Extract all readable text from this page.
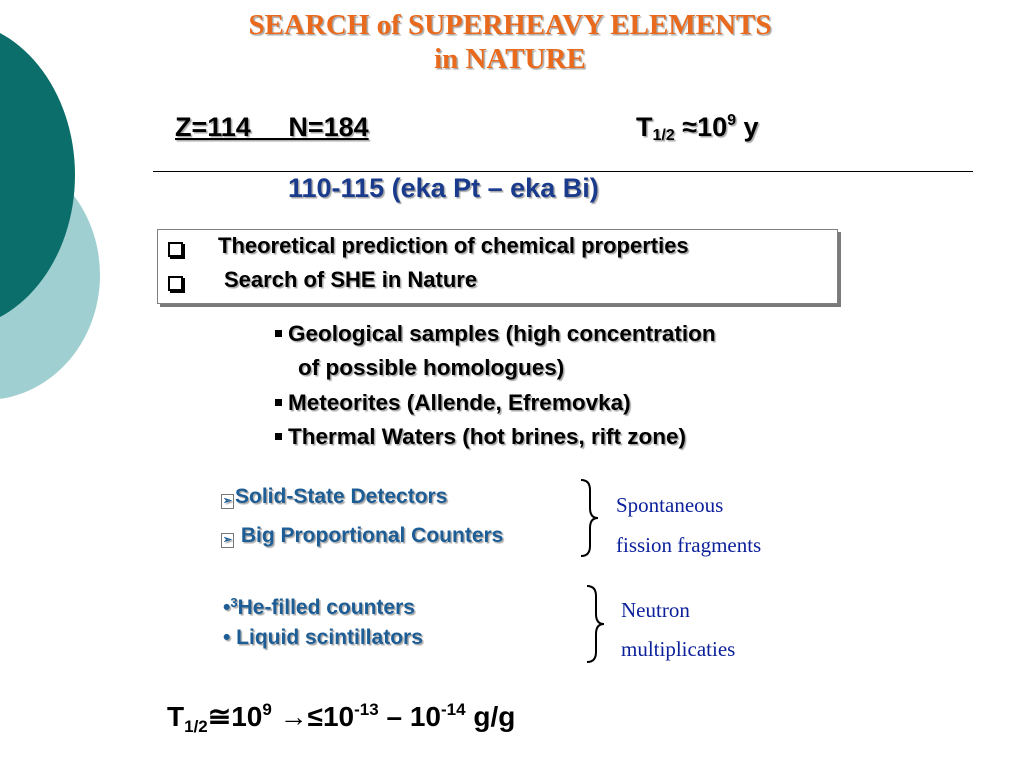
SEARCH of SUPERHEAVY ELEMENTS
in NATURE
Z=114     N=184	$T_{1/2} \approx 10^9$ y
110-115 (eka Pt – eka Bi)
Theoretical prediction of chemical properties
Search of SHE in Nature
Geological samples (high concentration
of possible homologues)
Meteorites (Allende, Efremovka)
Thermal Waters (hot brines, rift zone)
➢ Solid-State Detectors
➢ Big Proportional Counters
•$^3$He-filled counters
• Liquid scintillators
Spontaneous
fission fragments
Neutron
multiplicaties
$T_{1/2}≅10^9 \to\le 10^{-13} - 10^{-14}$ g/g
